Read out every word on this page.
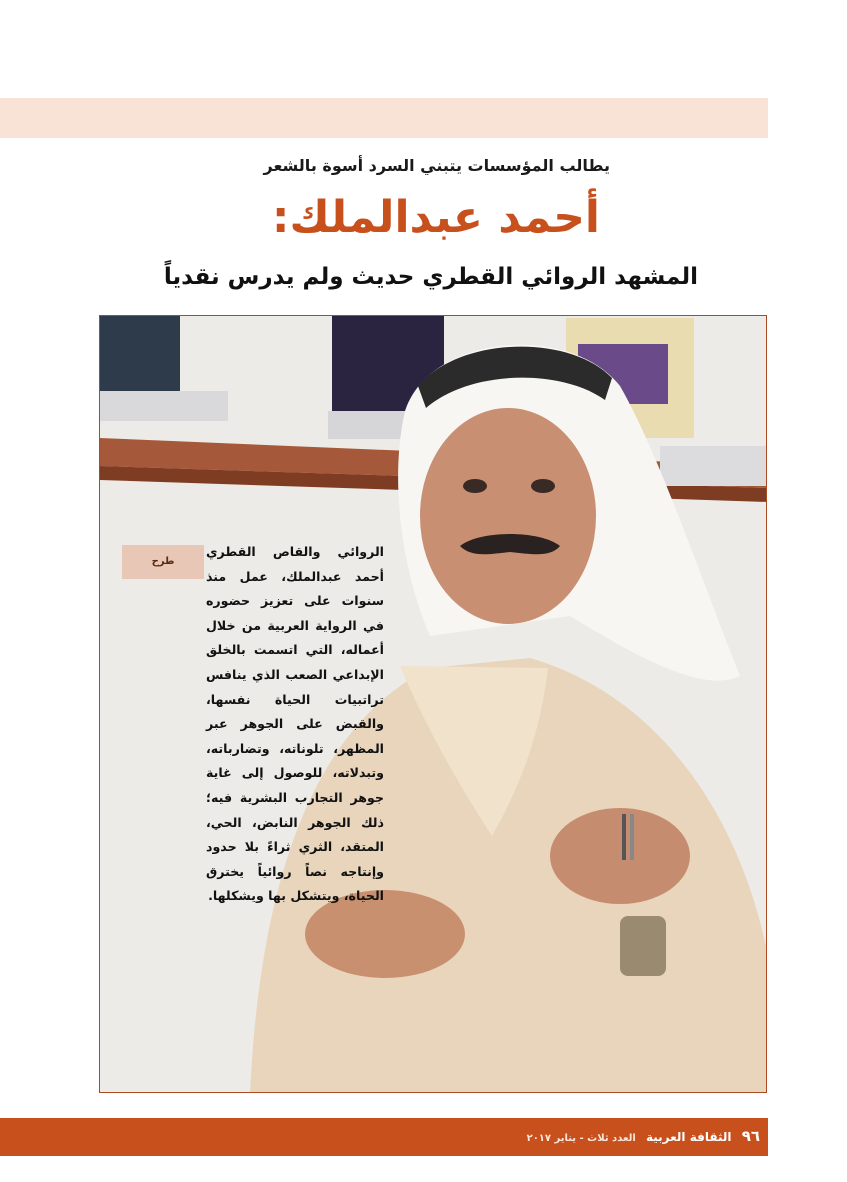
يطالب المؤسسات يتبني السرد أسوة بالشعر
أحمد عبدالملك:
المشهد الروائي القطري حديث ولم يدرس نقدياً
طرح
الروائي والقاص القطري أحمد عبدالملك، عمل منذ سنوات على تعزيز حضوره في الرواية العربية من خلال أعماله، التي اتسمت بالخلق الإبداعي الصعب الذي ينافس تراتبيات الحياة نفسها، والقبض على الجوهر عبر المظهر، تلوناته، وتضارباته، وتبدلاته، للوصول إلى غاية جوهر التجارب البشرية فيه؛ ذلك الجوهر النابض، الحي، المتقد، الثري ثراءً بلا حدود وإنتاجه نصاً روائياً يخترق الحياة، ويتشكل بها ويشكلها.
٩٦ الثقافة العربية العدد ثلاث - يناير ٢٠١٧
